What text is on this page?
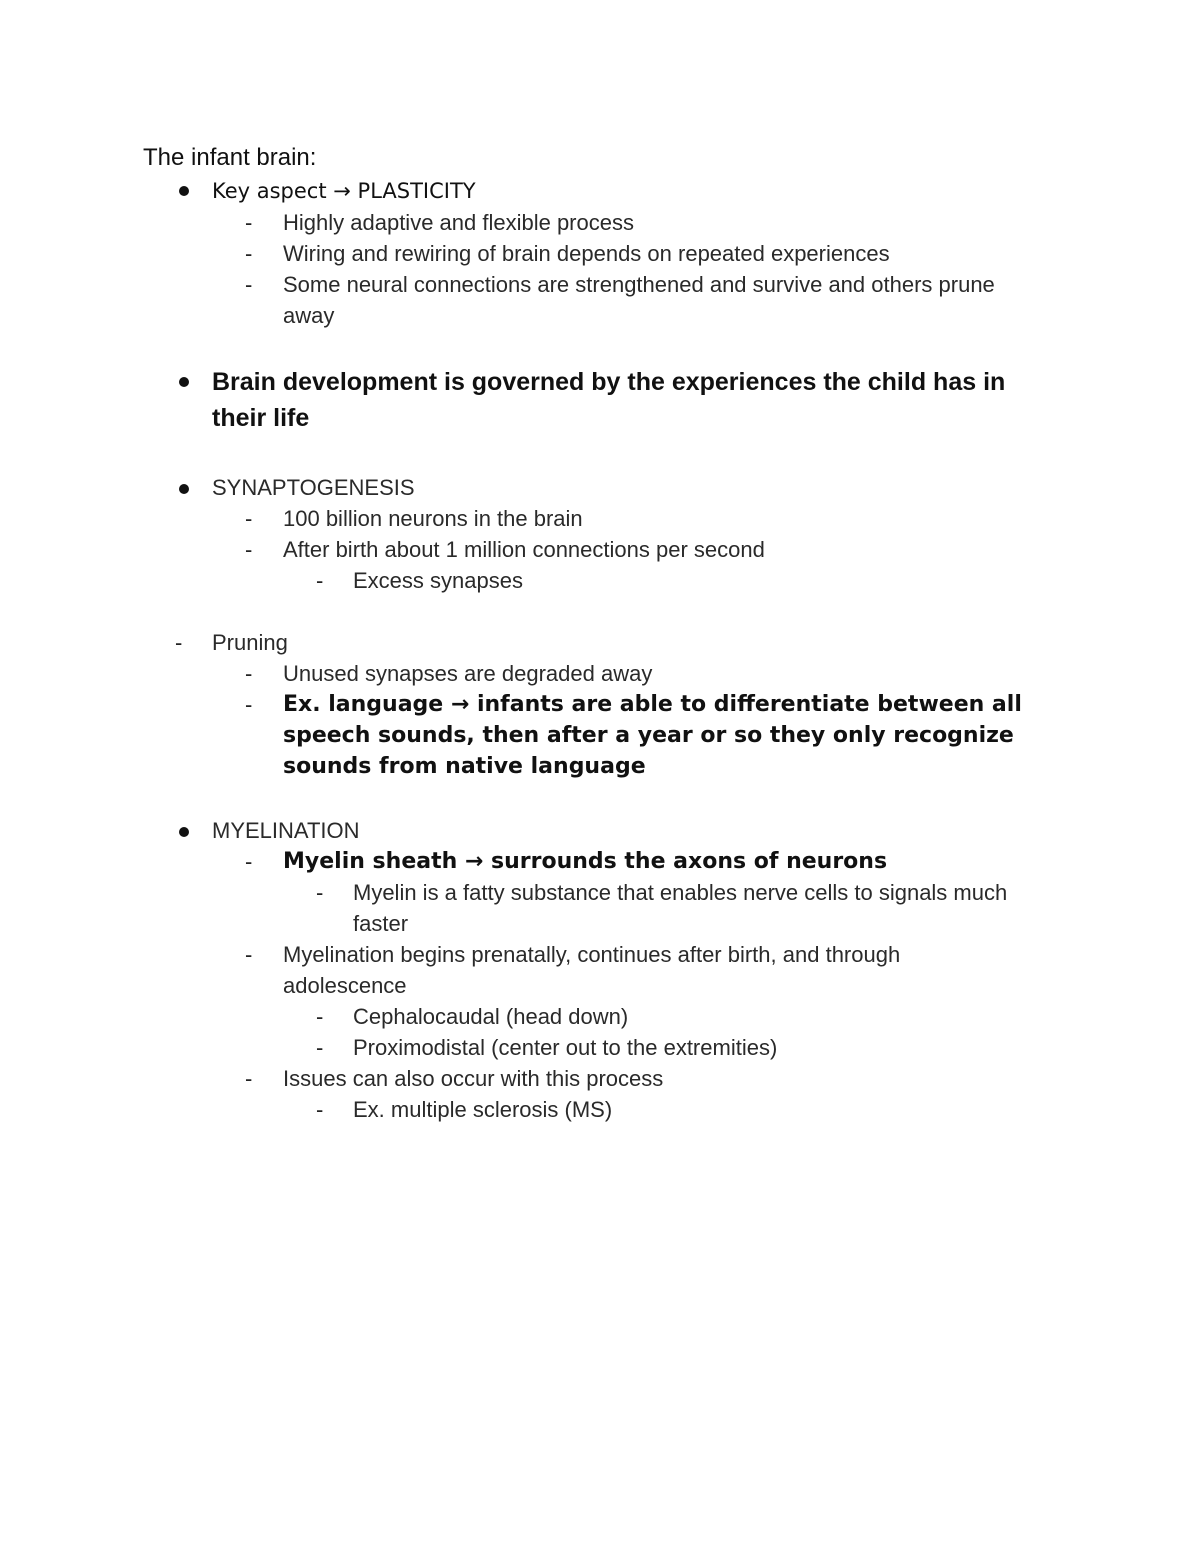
The infant brain:
Key aspect → PLASTICITY
- Highly adaptive and flexible process
- Wiring and rewiring of brain depends on repeated experiences
- Some neural connections are strengthened and survive and others prune
away
Brain development is governed by the experiences the child has in
their life
SYNAPTOGENESIS
- 100 billion neurons in the brain
- After birth about 1 million connections per second
- Excess synapses
- Pruning
- Unused synapses are degraded away
- Ex. language → infants are able to differentiate between all
speech sounds, then after a year or so they only recognize
sounds from native language
MYELINATION
- Myelin sheath → surrounds the axons of neurons
- Myelin is a fatty substance that enables nerve cells to signals much
faster
- Myelination begins prenatally, continues after birth, and through
adolescence
- Cephalocaudal (head down)
- Proximodistal (center out to the extremities)
- Issues can also occur with this process
- Ex. multiple sclerosis (MS)
